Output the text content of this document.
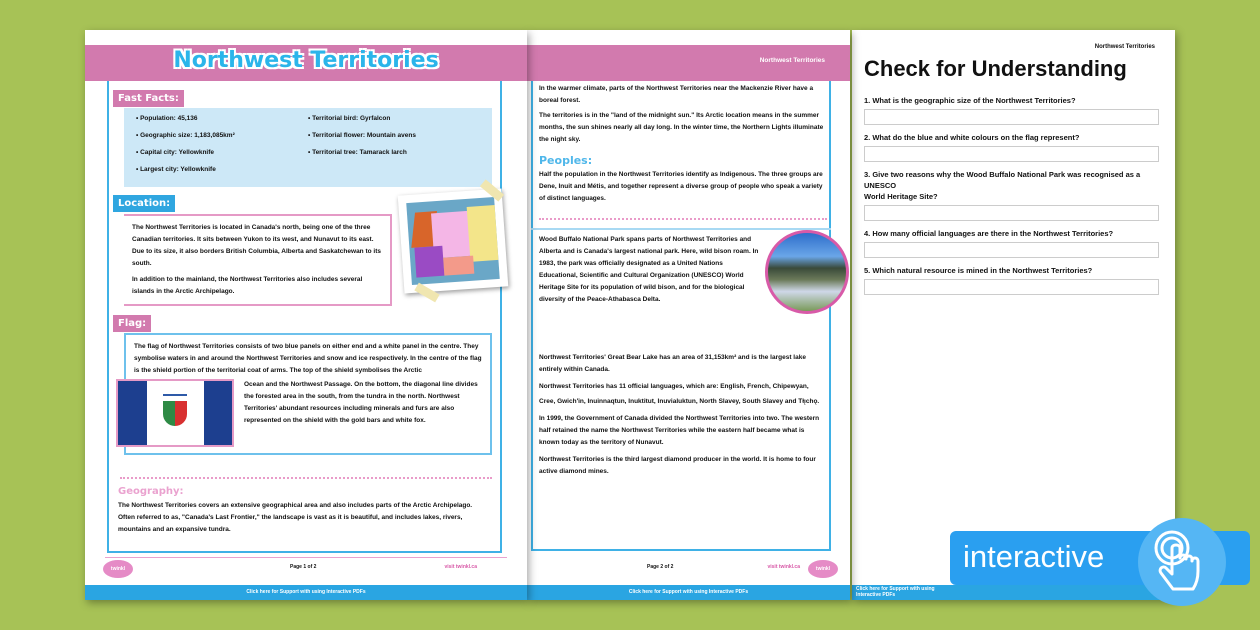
Northwest Territories
Check for Understanding
1. What is the geographic size of the Northwest Territories?
2. What do the blue and white colours on the flag represent?
3. Give two reasons why the Wood Buffalo National Park was recognised as a UNESCO
World Heritage Site?
4. How many official languages are there in the Northwest Territories?
5. Which natural resource is mined in the Northwest Territories?
Click here for Support with using Interactive PDFs
Northwest Territories

In the warmer climate, parts of the Northwest Territories near the Mackenzie River have a boreal forest.

The territories is in the "land of the midnight sun." Its Arctic location means in the summer months, the sun shines nearly all day long. In the winter time, the Northern Lights illuminate the night sky.

Peoples:
Half the population in the Northwest Territories identify as Indigenous. The three groups are Dene, Inuit and Métis, and together represent a diverse group of people who speak a variety of distinct languages.
Wood Buffalo National Park spans parts of Northwest Territories and Alberta and is Canada's largest national park. Here, wild bison roam. In 1983, the park was officially designated as a United Nations Educational, Scientific and Cultural Organization (UNESCO) World Heritage Site for its population of wild bison, and for the biological diversity of the Peace-Athabasca Delta.

Northwest Territories' Great Bear Lake has an area of 31,153km² and is the largest lake entirely within Canada.

Northwest Territories has 11 official languages, which are: English, French, Chipewyan,

Cree, Gwich'in, Inuinnaqtun, Inuktitut, Inuvialuktun, North Slavey, South Slavey and Tłı̨chǫ.

In 1999, the Government of Canada divided the Northwest Territories into two. The western half retained the name the Northwest Territories while the eastern half became what is known today as the territory of Nunavut.

Northwest Territories is the third largest diamond producer in the world. It is home to four active diamond mines.

Page 2 of 2	visit twinkl.ca	twinkl
Click here for Support with using Interactive PDFs
Northwest Territories
Fast Facts:
• Population: 45,136
• Geographic size: 1,183,085km²
• Capital city: Yellowknife
• Largest city: Yellowknife
• Territorial bird: Gyrfalcon
• Territorial flower: Mountain avens
• Territorial tree: Tamarack larch
Location:

The Northwest Territories is located in Canada's north, being one of the three Canadian territories. It sits between Yukon to its west, and Nunavut to its east. Due to its size, it also borders British Columbia, Alberta and Saskatchewan to its south.

In addition to the mainland, the Northwest Territories also includes several islands in the Arctic Archipelago.

Flag:

The flag of Northwest Territories consists of two blue panels on either end and a white panel in the centre. They symbolise waters in and around the Northwest Territories and snow and ice respectively. In the centre of the flag is the shield portion of the territorial coat of arms. The top of the shield symbolises the Arctic

Ocean and the Northwest Passage. On the bottom, the diagonal line divides the forested area in the south, from the tundra in the north. Northwest Territories' abundant resources including minerals and furs are also represented on the shield with the gold bars and white fox.

Geography:
The Northwest Territories covers an extensive geographical area and also includes parts of the Arctic Archipelago. Often referred to as, "Canada's Last Frontier," the landscape is vast as it is beautiful, and includes lakes, rivers, mountains and an expansive tundra.
twinkl	Page 1 of 2	visit twinkl.ca
Click here for Support with using Interactive PDFs
interactive
